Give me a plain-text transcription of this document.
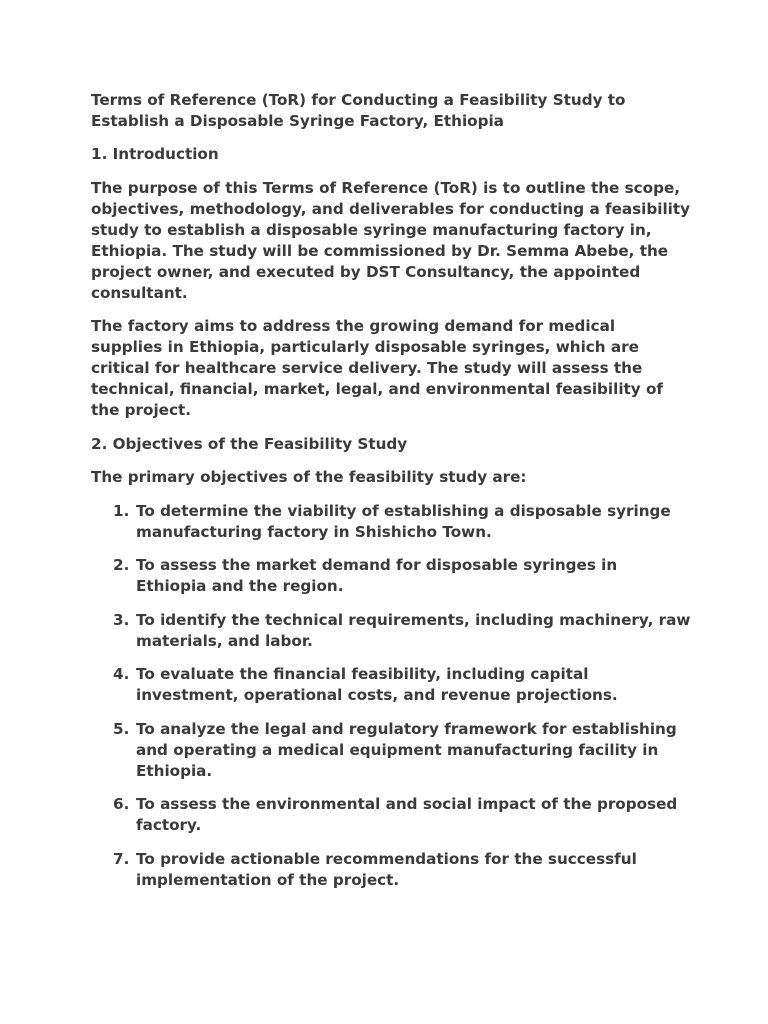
Terms of Reference (ToR) for Conducting a Feasibility Study to Establish a Disposable Syringe Factory, Ethiopia

1. Introduction

The purpose of this Terms of Reference (ToR) is to outline the scope, objectives, methodology, and deliverables for conducting a feasibility study to establish a disposable syringe manufacturing factory in, Ethiopia. The study will be commissioned by Dr. Semma Abebe, the project owner, and executed by DST Consultancy, the appointed consultant.

The factory aims to address the growing demand for medical supplies in Ethiopia, particularly disposable syringes, which are critical for healthcare service delivery. The study will assess the technical, financial, market, legal, and environmental feasibility of the project.

2. Objectives of the Feasibility Study

The primary objectives of the feasibility study are:

1. To determine the viability of establishing a disposable syringe manufacturing factory in Shishicho Town.
2. To assess the market demand for disposable syringes in Ethiopia and the region.
3. To identify the technical requirements, including machinery, raw materials, and labor.
4. To evaluate the financial feasibility, including capital investment, operational costs, and revenue projections.
5. To analyze the legal and regulatory framework for establishing and operating a medical equipment manufacturing facility in Ethiopia.
6. To assess the environmental and social impact of the proposed factory.
7. To provide actionable recommendations for the successful implementation of the project.
